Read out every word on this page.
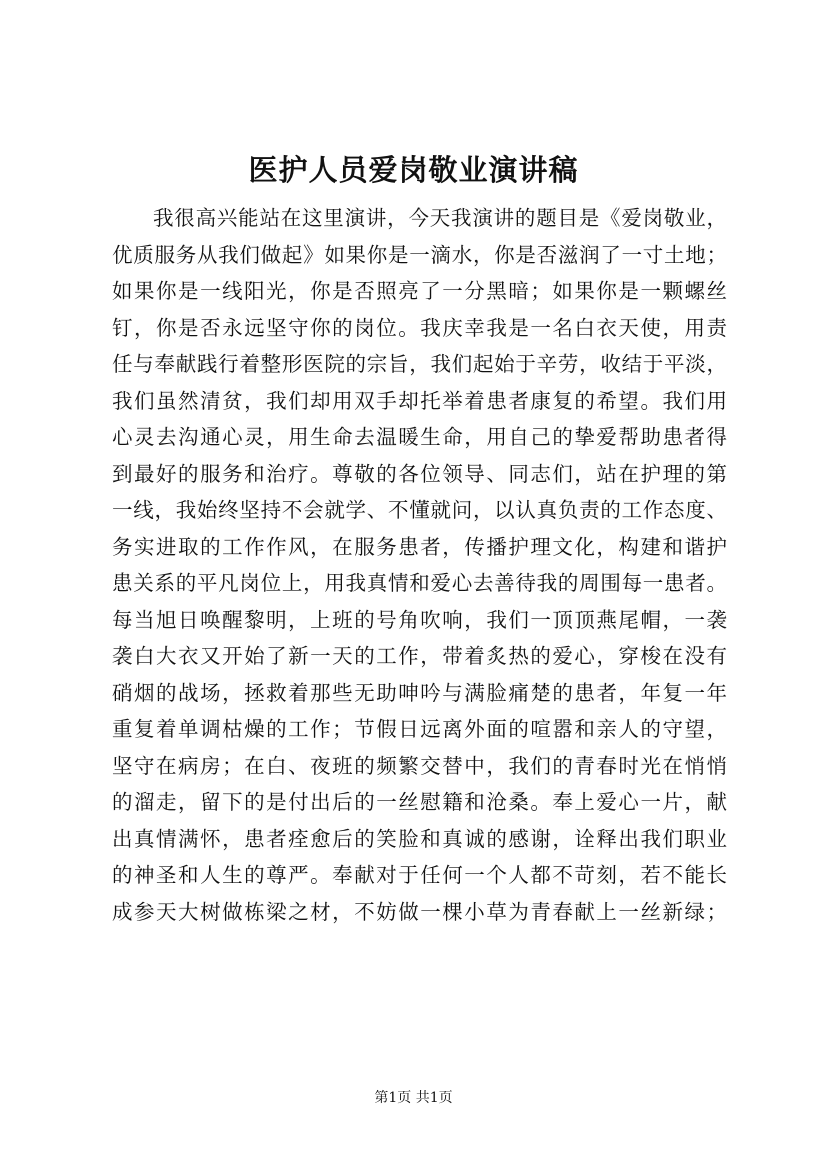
医护人员爱岗敬业演讲稿
我很高兴能站在这里演讲，今天我演讲的题目是《爱岗敬业，
优质服务从我们做起》如果你是一滴水，你是否滋润了一寸土地；
如果你是一线阳光，你是否照亮了一分黑暗；如果你是一颗螺丝
钉，你是否永远坚守你的岗位。我庆幸我是一名白衣天使，用责
任与奉献践行着整形医院的宗旨，我们起始于辛劳，收结于平淡，
我们虽然清贫，我们却用双手却托举着患者康复的希望。我们用
心灵去沟通心灵，用生命去温暖生命，用自己的挚爱帮助患者得
到最好的服务和治疗。尊敬的各位领导、同志们，站在护理的第
一线，我始终坚持不会就学、不懂就问，以认真负责的工作态度、
务实进取的工作作风，在服务患者，传播护理文化，构建和谐护
患关系的平凡岗位上，用我真情和爱心去善待我的周围每一患者。
每当旭日唤醒黎明，上班的号角吹响，我们一顶顶燕尾帽，一袭
袭白大衣又开始了新一天的工作，带着炙热的爱心，穿梭在没有
硝烟的战场，拯救着那些无助呻吟与满脸痛楚的患者，年复一年
重复着单调枯燥的工作；节假日远离外面的喧嚣和亲人的守望，
坚守在病房；在白、夜班的频繁交替中，我们的青春时光在悄悄
的溜走，留下的是付出后的一丝慰籍和沧桑。奉上爱心一片，献
出真情满怀，患者痊愈后的笑脸和真诚的感谢，诠释出我们职业
的神圣和人生的尊严。奉献对于任何一个人都不苛刻，若不能长
成参天大树做栋梁之材，不妨做一棵小草为青春献上一丝新绿；
第1页 共1页
